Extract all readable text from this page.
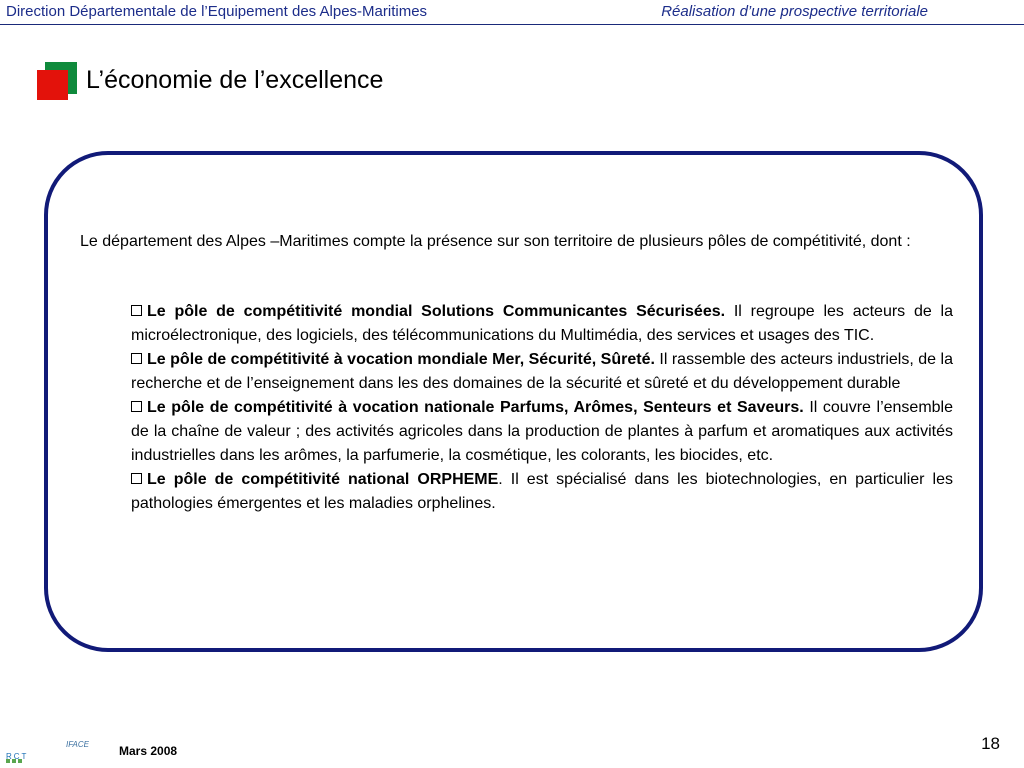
Direction Départementale de l’Equipement des Alpes-Maritimes	Réalisation d’une prospective territoriale
L’économie de l’excellence
Le département des Alpes –Maritimes compte la présence sur son territoire de plusieurs pôles de compétitivité, dont :

Le pôle de compétitivité mondial Solutions Communicantes Sécurisées. Il regroupe les acteurs de la microélectronique, des logiciels, des télécommunications du Multimédia, des services et usages des TIC.

Le pôle de compétitivité à vocation mondiale Mer, Sécurité, Sûreté. Il rassemble des acteurs industriels, de la recherche et de l’enseignement dans les des domaines de la sécurité et sûreté et du développement durable

Le pôle de compétitivité à vocation nationale Parfums, Arômes, Senteurs et Saveurs. Il couvre l’ensemble de la chaîne de valeur ; des activités agricoles dans la production de plantes à parfum et aromatiques aux activités industrielles dans les arômes, la parfumerie, la cosmétique, les colorants, les biocides, etc.

Le pôle de compétitivité national ORPHEME. Il est spécialisé dans les biotechnologies, en particulier les pathologies émergentes et les maladies orphelines.

RCT
IFACE	Mars 2008	18
